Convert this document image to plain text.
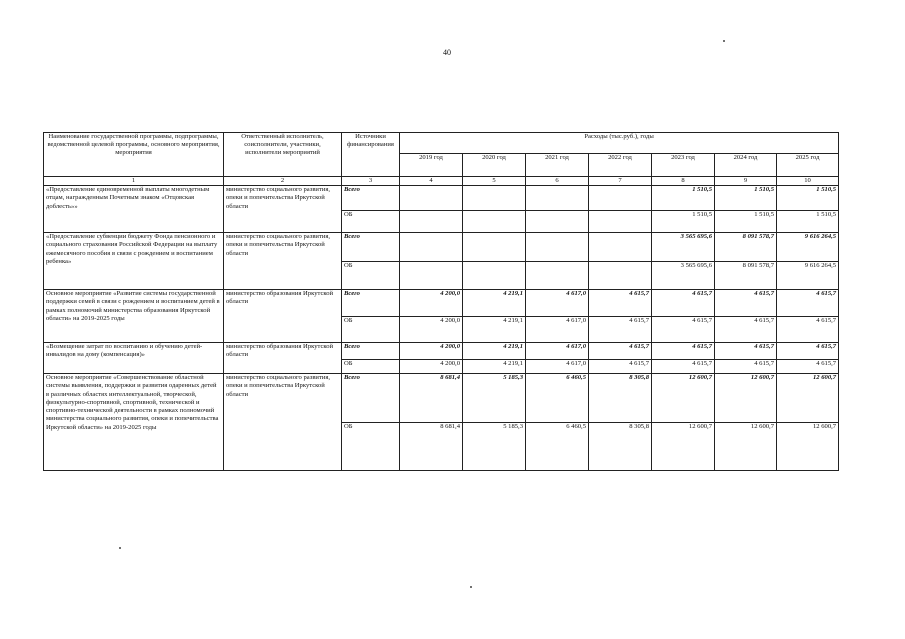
40
Наименование государственной программы, подпрограммы, ведомственной целевой программы, основного мероприятия, мероприятия	Ответственный исполнитель, соисполнители, участники, исполнители мероприятий	Источники финансирования	Расходы (тыс.руб.), годы						
			2019 год	2020 год	2021 год	2022 год	2023 год	2024 год	2025 год
1	2	3	4	5	6	7	8	9	10
«Предоставление единовременной выплаты многодетным отцам, награжденным Почетным знаком «Отцовская доблесть»»	министерство социального развития, опеки и попечительства Иркутской области	Всего					1 510,5	1 510,5	1 510,5
		ОБ					1 510,5	1 510,5	1 510,5
«Предоставление субвенции бюджету Фонда пенсионного и социального страхования Российской Федерации на выплату ежемесячного пособия в связи с рождением и воспитанием ребенка»	министерство социального развития, опеки и попечительства Иркутской области	Всего					3 565 695,6	8 091 578,7	9 616 264,5
		ОБ					3 565 695,6	8 091 578,7	9 616 264,5
Основное мероприятие «Развитие системы государственной поддержки семей в связи с рождением и воспитанием детей в рамках полномочий министерства образования Иркутской области» на 2019-2025 годы	министерство образования Иркутской области	Всего	4 200,0	4 219,1	4 617,0	4 615,7	4 615,7	4 615,7	4 615,7
		ОБ	4 200,0	4 219,1	4 617,0	4 615,7	4 615,7	4 615,7	4 615,7
«Возмещение затрат по воспитанию и обучению детей-инвалидов на дому (компенсация)»	министерство образования Иркутской области	Всего	4 200,0	4 219,1	4 617,0	4 615,7	4 615,7	4 615,7	4 615,7
		ОБ	4 200,0	4 219,1	4 617,0	4 615,7	4 615,7	4 615,7	4 615,7
Основное мероприятие «Совершенствование областной системы выявления, поддержки и развития одаренных детей в различных областях интеллектуальной, творческой, физкультурно-спортивной, спортивной, технической и спортивно-технической деятельности в рамках полномочий министерства социального развития, опеки и попечительства Иркутской области» на 2019-2025 годы	министерство социального развития, опеки и попечительства Иркутской области	Всего	8 681,4	5 185,3	6 460,5	8 305,8	12 600,7	12 600,7	12 600,7
		ОБ	8 681,4	5 185,3	6 460,5	8 305,8	12 600,7	12 600,7	12 600,7
